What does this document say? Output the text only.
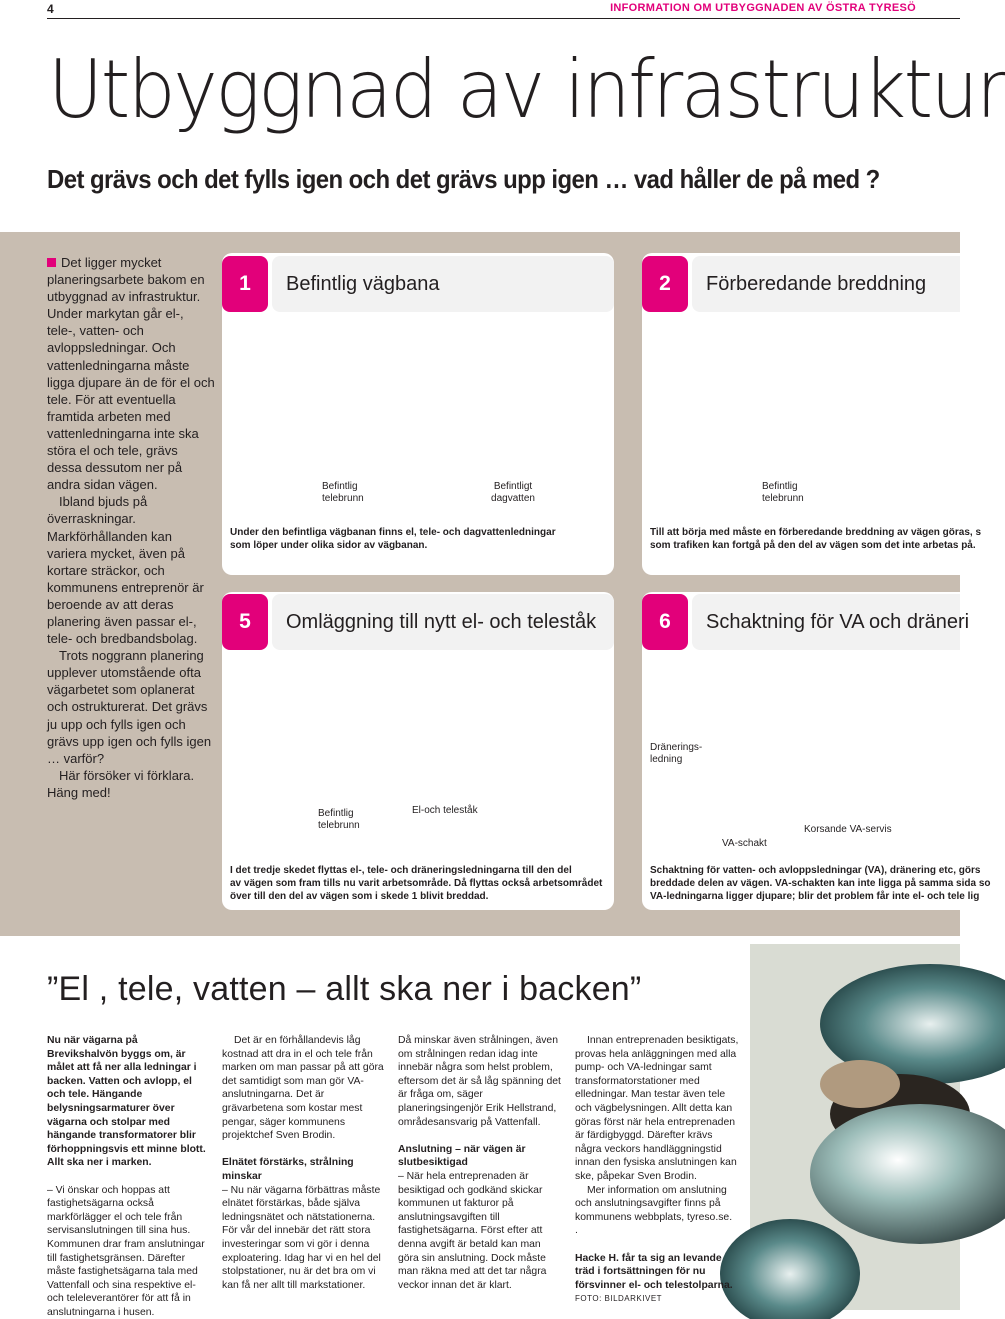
4	INFORMATION OM UTBYGGNADEN AV ÖSTRA TYRESÖ
Utbyggnad av infrastruktur
Det grävs och det fylls igen och det grävs upp igen … vad håller de på med ?

Det ligger mycket planeringsarbete bakom en utbyggnad av infrastruktur. Under markytan går el-, tele-, vatten- och avloppsledningar. Och vattenledningarna måste ligga djupare än de för el och tele. För att eventuella framtida arbeten med vattenledningarna inte ska störa el och tele, grävs dessa dessutom ner på andra sidan vägen.

Ibland bjuds på överraskningar. Markförhållanden kan variera mycket, även på kortare sträckor, och kommunens entreprenör är beroende av att deras planering även passar el-, tele- och bredbandsbolag.

Trots noggrann planering upplever utomstående ofta vägarbetet som oplanerat och ostrukturerat. Det grävs ju upp och fylls igen och grävs upp igen och fylls igen … varför?

Här försöker vi förklara. Häng med!

1	Befintlig vägbana
oooo
Befintlig
telebrunn
Befintligt
dagvatten
Under den befintliga vägbanan finns el, tele- och dagvattenledningar
som löper under olika sidor av vägbanan.
2	Förberedande breddning
oooo
Befintlig
telebrunn
Till att börja med måste en förberedande breddning av vägen göras, s
som trafiken kan fortgå på den del av vägen som det inte arbetas på.
5	Omläggning till nytt el- och teleståk
Befintlig
telebrunn
El-och teleståk
I det tredje skedet flyttas el-, tele- och dräneringsledningarna till den del
av vägen som fram tills nu varit arbetsområde. Då flyttas också arbetsområdet
över till den del av vägen som i skede 1 blivit breddad.
6	Schaktning för VA och dräneri
Dränerings-
ledning
VA-schakt
Korsande VA-servis
Schaktning för vatten- och avloppsledningar (VA), dränering etc, görs
breddade delen av vägen. VA-schakten kan inte ligga på samma sida so
VA-ledningarna ligger djupare; blir det problem får inte el- och tele lig
”El , tele, vatten – allt ska ner i backen”

Nu när vägarna på Brevikshalvön byggs om, är målet att få ner alla ledningar i backen. Vatten och avlopp, el och tele. Hängande belysningsarmaturer över vägarna och stolpar med hängande transformatorer blir förhoppningsvis ett minne blott. Allt ska ner i marken.

– Vi önskar och hoppas att fastighetsägarna också markförlägger el och tele från servisanslutningen till sina hus. Kommunen drar fram anslutningar till fastighetsgränsen. Därefter måste fastighetsägarna tala med Vattenfall och sina respektive el- och teleleverantörer för att få in anslutningarna i husen.

Det är en förhållandevis låg kostnad att dra in el och tele från marken om man passar på att göra det samtidigt som man gör VA-anslutningarna. Det är grävarbetena som kostar mest pengar, säger kommunens projektchef Sven Brodin.

Elnätet förstärks, strålning minskar

– Nu när vägarna förbättras måste elnätet förstärkas, både själva ledningsnätet och nätstationerna. För vår del innebär det rätt stora investeringar som vi gör i denna exploatering. Idag har vi en hel del stolpstationer, nu är det bra om vi kan få ner allt till markstationer.

Då minskar även strålningen, även om strålningen redan idag inte innebär några som helst problem, eftersom det är så låg spänning det är fråga om, säger planeringsingenjör Erik Hellstrand, områdesansvarig på Vattenfall.

Anslutning – när vägen är slutbesiktigad

– När hela entreprenaden är besiktigad och godkänd skickar kommunen ut fakturor på anslutningsavgiften till fastighetsägarna. Först efter att denna avgift är betald kan man göra sin anslutning. Dock måste man räkna med att det tar några veckor innan det är klart.

Innan entreprenaden besiktigats, provas hela anläggningen med alla pump- och VA-ledningar samt transformatorstationer med elledningar. Man testar även tele och vägbelysningen. Allt detta kan göras först när hela entreprenaden är färdigbyggd. Därefter krävs några veckors handläggningstid innan den fysiska anslutningen kan ske, påpekar Sven Brodin.

Mer information om anslutning och anslutningsavgifter finns på kommunens webbplats, tyreso.se.

.

Hacke H. får ta sig an levande träd i fortsättningen för nu försvinner el- och telestolparna. FOTO: BILDARKIVET
